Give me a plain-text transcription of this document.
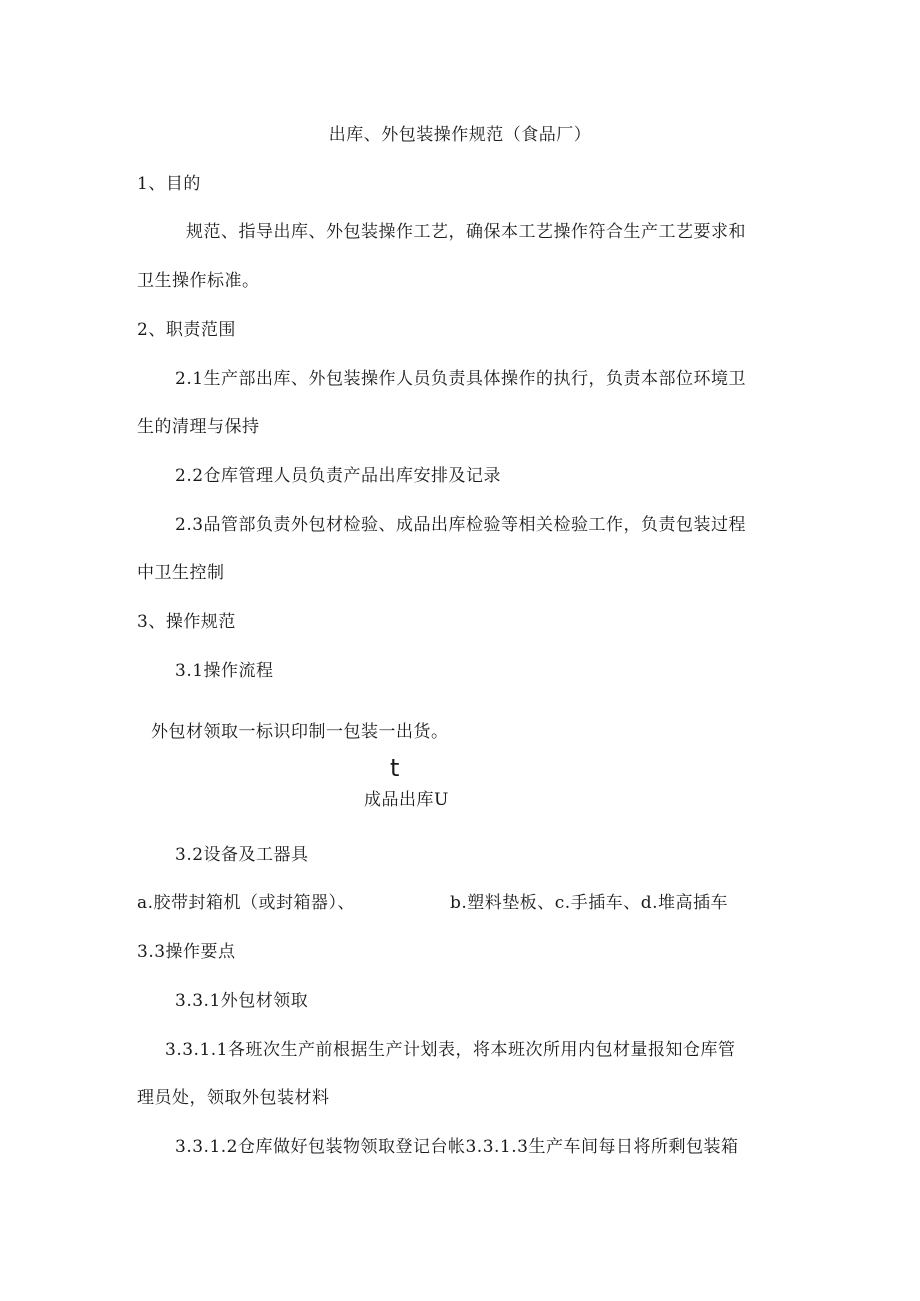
出库、外包装操作规范（食品厂）
1、目的
规范、指导出库、外包装操作工艺，确保本工艺操作符合生产工艺要求和
卫生操作标准。
2、职责范围
2.1生产部出库、外包装操作人员负责具体操作的执行，负责本部位环境卫
生的清理与保持
2.2仓库管理人员负责产品出库安排及记录
2.3品管部负责外包材检验、成品出库检验等相关检验工作，负责包装过程
中卫生控制
3、操作规范
3.1操作流程
外包材领取一标识印制一包装一出货。
t
成品出库U
3.2设备及工器具
a.胶带封箱机（或封箱器）、	b.塑料垫板、c.手插车、d.堆高插车
3.3操作要点
3.3.1外包材领取
3.3.1.1各班次生产前根据生产计划表，将本班次所用内包材量报知仓库管
理员处，领取外包装材料
3.3.1.2仓库做好包装物领取登记台帐3.3.1.3生产车间每日将所剩包装箱
